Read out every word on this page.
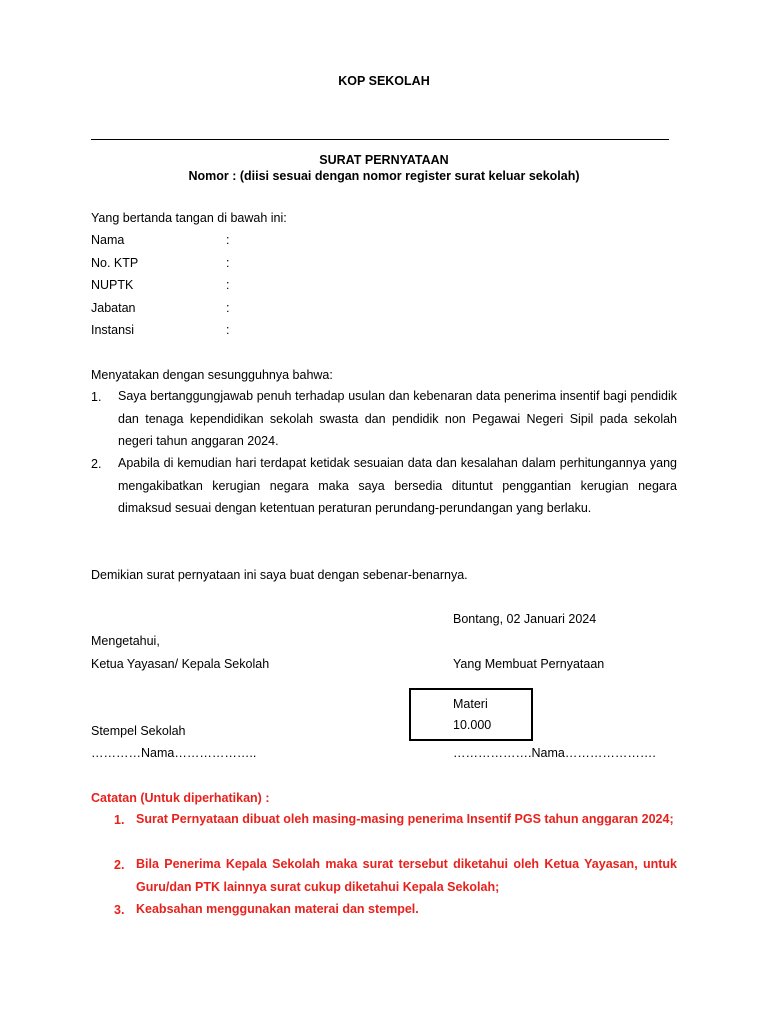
KOP SEKOLAH
SURAT PERNYATAAN
Nomor : (diisi sesuai dengan nomor register surat keluar sekolah)
Yang bertanda tangan di bawah ini:
Nama	:
No. KTP	:
NUPTK	:
Jabatan	:
Instansi	:
Menyatakan dengan sesungguhnya bahwa:
1. Saya bertanggungjawab penuh terhadap usulan dan kebenaran data penerima insentif bagi pendidik dan tenaga kependidikan sekolah swasta dan pendidik non Pegawai Negeri Sipil pada sekolah negeri tahun anggaran 2024.
2. Apabila di kemudian hari terdapat ketidak sesuaian data dan kesalahan dalam perhitungannya yang mengakibatkan kerugian negara maka saya bersedia dituntut penggantian kerugian negara dimaksud sesuai dengan ketentuan peraturan perundang-perundangan yang berlaku.
Demikian surat pernyataan ini saya buat dengan sebenar-benarnya.
Bontang, 02 Januari 2024
Mengetahui,
Ketua Yayasan/ Kepala Sekolah	Yang Membuat Pernyataan
Materi
10.000
Stempel Sekolah
…………Nama………………..	……………….Nama………………….
Catatan (Untuk diperhatikan) :
1. Surat Pernyataan dibuat oleh masing-masing penerima Insentif PGS tahun anggaran 2024;
2. Bila Penerima Kepala Sekolah maka surat tersebut diketahui oleh Ketua Yayasan, untuk Guru/dan PTK lainnya surat cukup diketahui Kepala Sekolah;
3. Keabsahan menggunakan materai dan stempel.
